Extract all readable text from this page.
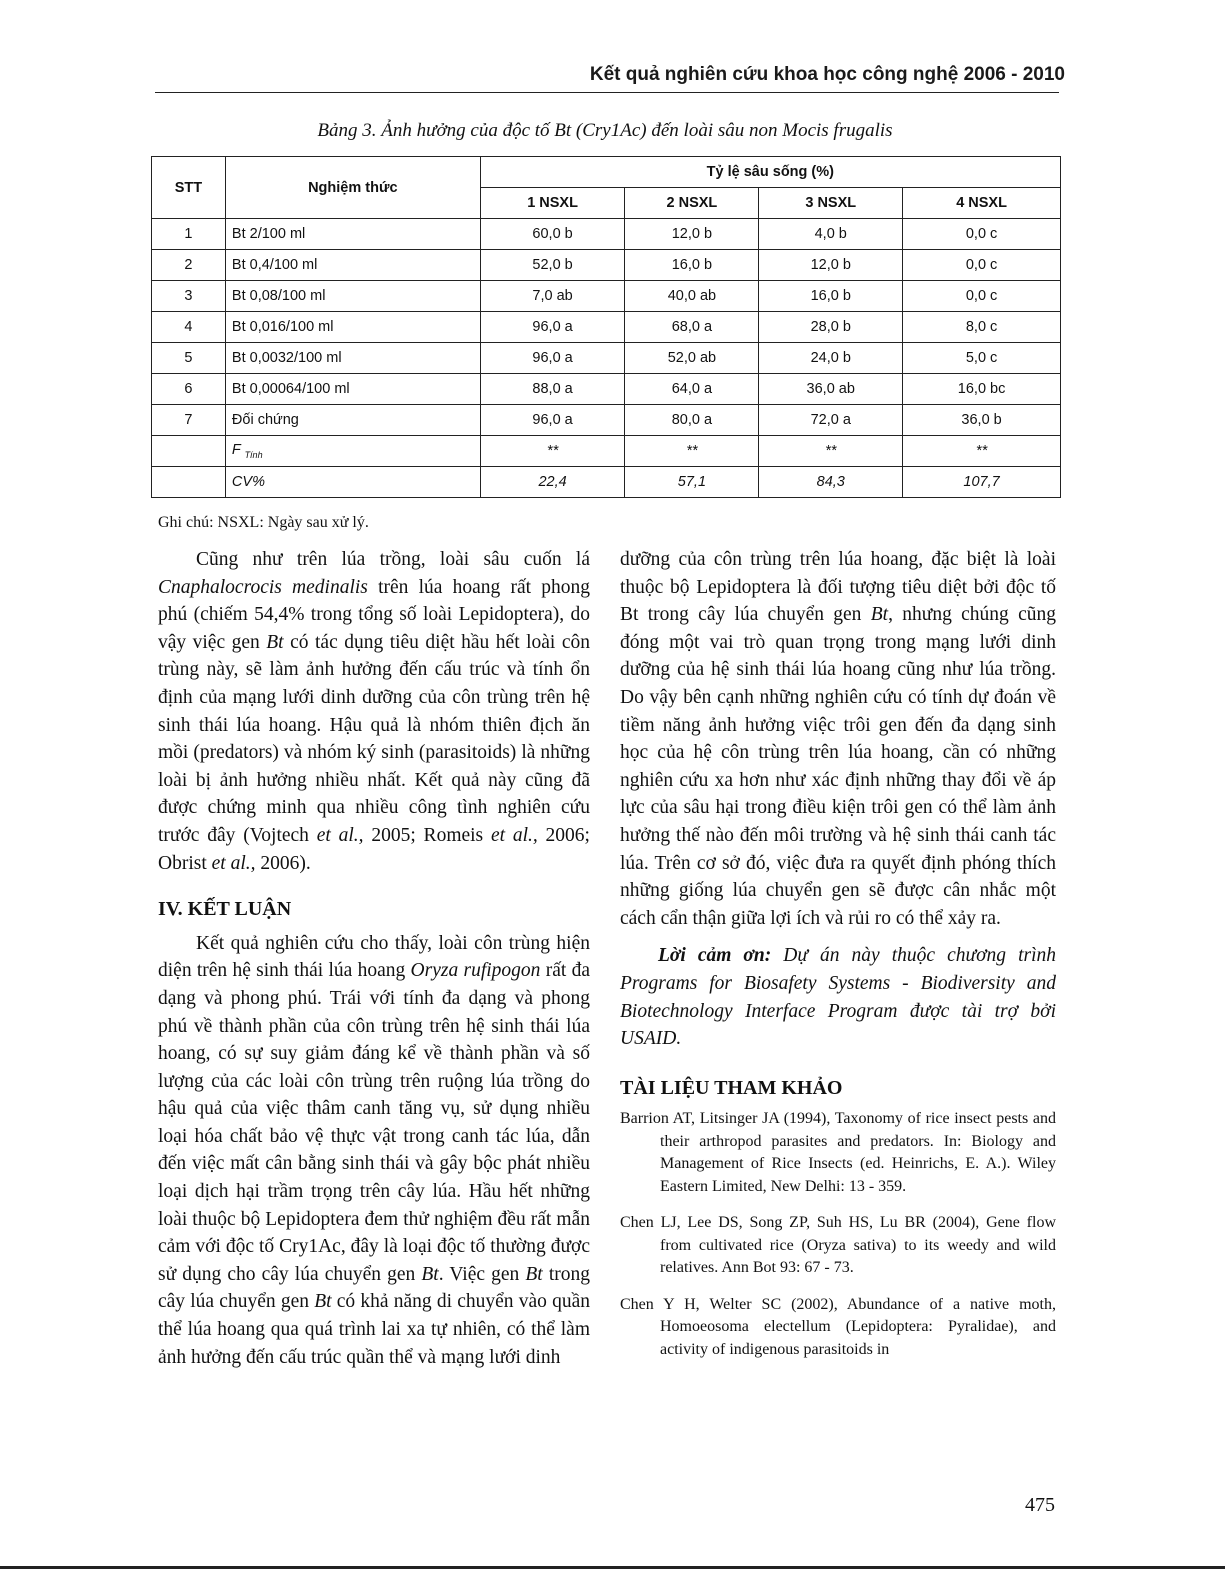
Kết quả nghiên cứu khoa học công nghệ 2006 - 2010
Bảng 3. Ảnh hưởng của độc tố Bt (Cry1Ac) đến loài sâu non Mocis frugalis
STT	Nghiệm thức	Tỷ lệ sâu sống (%)			
		1 NSXL	2 NSXL	3 NSXL	4 NSXL
1	Bt 2/100 ml	60,0 b	12,0 b	4,0 b	0,0 c
2	Bt 0,4/100 ml	52,0 b	16,0 b	12,0 b	0,0 c
3	Bt 0,08/100 ml	7,0 ab	40,0 ab	16,0 b	0,0 c
4	Bt 0,016/100 ml	96,0 a	68,0 a	28,0 b	8,0 c
5	Bt 0,0032/100 ml	96,0 a	52,0 ab	24,0 b	5,0 c
6	Bt 0,00064/100 ml	88,0 a	64,0 a	36,0 ab	16,0 bc
7	Đối chứng	96,0 a	80,0 a	72,0 a	36,0 b
	F $_{Tính}$	**	**	**	**
	CV%	22,4	57,1	84,3	107,7
Ghi chú: NSXL: Ngày sau xử lý.

Cũng như trên lúa trồng, loài sâu cuốn lá Cnaphalocrocis medinalis trên lúa hoang rất phong phú (chiếm 54,4% trong tổng số loài Lepidoptera), do vậy việc gen Bt có tác dụng tiêu diệt hầu hết loài côn trùng này, sẽ làm ảnh hưởng đến cấu trúc và tính ổn định của mạng lưới dinh dưỡng của côn trùng trên hệ sinh thái lúa hoang. Hậu quả là nhóm thiên địch ăn mồi (predators) và nhóm ký sinh (parasitoids) là những loài bị ảnh hưởng nhiều nhất. Kết quả này cũng đã được chứng minh qua nhiều công tình nghiên cứu trước đây (Vojtech et al., 2005; Romeis et al., 2006; Obrist et al., 2006).

IV. KẾT LUẬN

Kết quả nghiên cứu cho thấy, loài côn trùng hiện diện trên hệ sinh thái lúa hoang Oryza rufipogon rất đa dạng và phong phú. Trái với tính đa dạng và phong phú về thành phần của côn trùng trên hệ sinh thái lúa hoang, có sự suy giảm đáng kể về thành phần và số lượng của các loài côn trùng trên ruộng lúa trồng do hậu quả của việc thâm canh tăng vụ, sử dụng nhiều loại hóa chất bảo vệ thực vật trong canh tác lúa, dẫn đến việc mất cân bằng sinh thái và gây bộc phát nhiều loại dịch hại trầm trọng trên cây lúa. Hầu hết những loài thuộc bộ Lepidoptera đem thử nghiệm đều rất mẫn cảm với độc tố Cry1Ac, đây là loại độc tố thường được sử dụng cho cây lúa chuyển gen Bt. Việc gen Bt trong cây lúa chuyển gen Bt có khả năng di chuyển vào quần thể lúa hoang qua quá trình lai xa tự nhiên, có thể làm ảnh hưởng đến cấu trúc quần thể và mạng lưới dinh

dưỡng của côn trùng trên lúa hoang, đặc biệt là loài thuộc bộ Lepidoptera là đối tượng tiêu diệt bởi độc tố Bt trong cây lúa chuyển gen Bt, nhưng chúng cũng đóng một vai trò quan trọng trong mạng lưới dinh dưỡng của hệ sinh thái lúa hoang cũng như lúa trồng. Do vậy bên cạnh những nghiên cứu có tính dự đoán về tiềm năng ảnh hưởng việc trôi gen đến đa dạng sinh học của hệ côn trùng trên lúa hoang, cần có những nghiên cứu xa hơn như xác định những thay đổi về áp lực của sâu hại trong điều kiện trôi gen có thể làm ảnh hưởng thế nào đến môi trường và hệ sinh thái canh tác lúa. Trên cơ sở đó, việc đưa ra quyết định phóng thích những giống lúa chuyển gen sẽ được cân nhắc một cách cẩn thận giữa lợi ích và rủi ro có thể xảy ra.

Lời cảm ơn: Dự án này thuộc chương trình Programs for Biosafety Systems - Biodiversity and Biotechnology Interface Program được tài trợ bởi USAID.

TÀI LIỆU THAM KHẢO
Barrion AT, Litsinger JA (1994), Taxonomy of rice insect pests and their arthropod parasites and predators. In: Biology and Management of Rice Insects (ed. Heinrichs, E. A.). Wiley Eastern Limited, New Delhi: 13 - 359.
Chen LJ, Lee DS, Song ZP, Suh HS, Lu BR (2004), Gene flow from cultivated rice (Oryza sativa) to its weedy and wild relatives. Ann Bot 93: 67 - 73.
Chen Y H, Welter SC (2002), Abundance of a native moth, Homoeosoma electellum (Lepidoptera: Pyralidae), and activity of indigenous parasitoids in
475
